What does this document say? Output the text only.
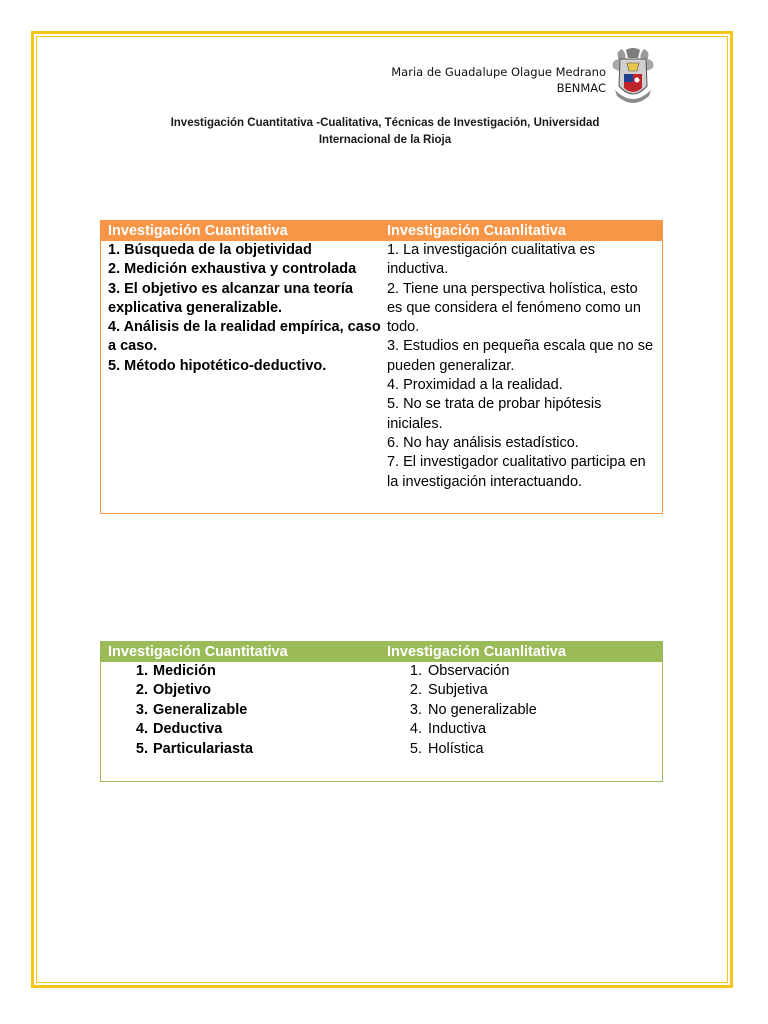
Maria de Guadalupe Olague Medrano
BENMAC
Investigación Cuantitativa -Cualitativa, Técnicas de Investigación, Universidad
Internacional de la Rioja
Investigación Cuantitativa	Investigación Cuanlitativa

1. Búsqueda de la objetividad

2. Medición exhaustiva y controlada

3. El objetivo es alcanzar una teoría explicativa generalizable.

4. Análisis de la realidad empírica, caso a caso.

5. Método hipotético-deductivo.

1. La investigación cualitativa es inductiva.

2. Tiene una perspectiva holística, esto es que considera el fenómeno como un todo.

3. Estudios en pequeña escala que no se pueden generalizar.

4. Proximidad a la realidad.

5. No se trata de probar hipótesis iniciales.

6. No hay análisis estadístico.

7. El investigador cualitativo participa en la investigación interactuando.

Investigación Cuantitativa	Investigación Cuanlitativa
1. Medición
2. Objetivo
3. Generalizable
4. Deductiva
5. Particulariasta
1. Observación
2. Subjetiva
3. No generalizable
4. Inductiva
5. Holística
